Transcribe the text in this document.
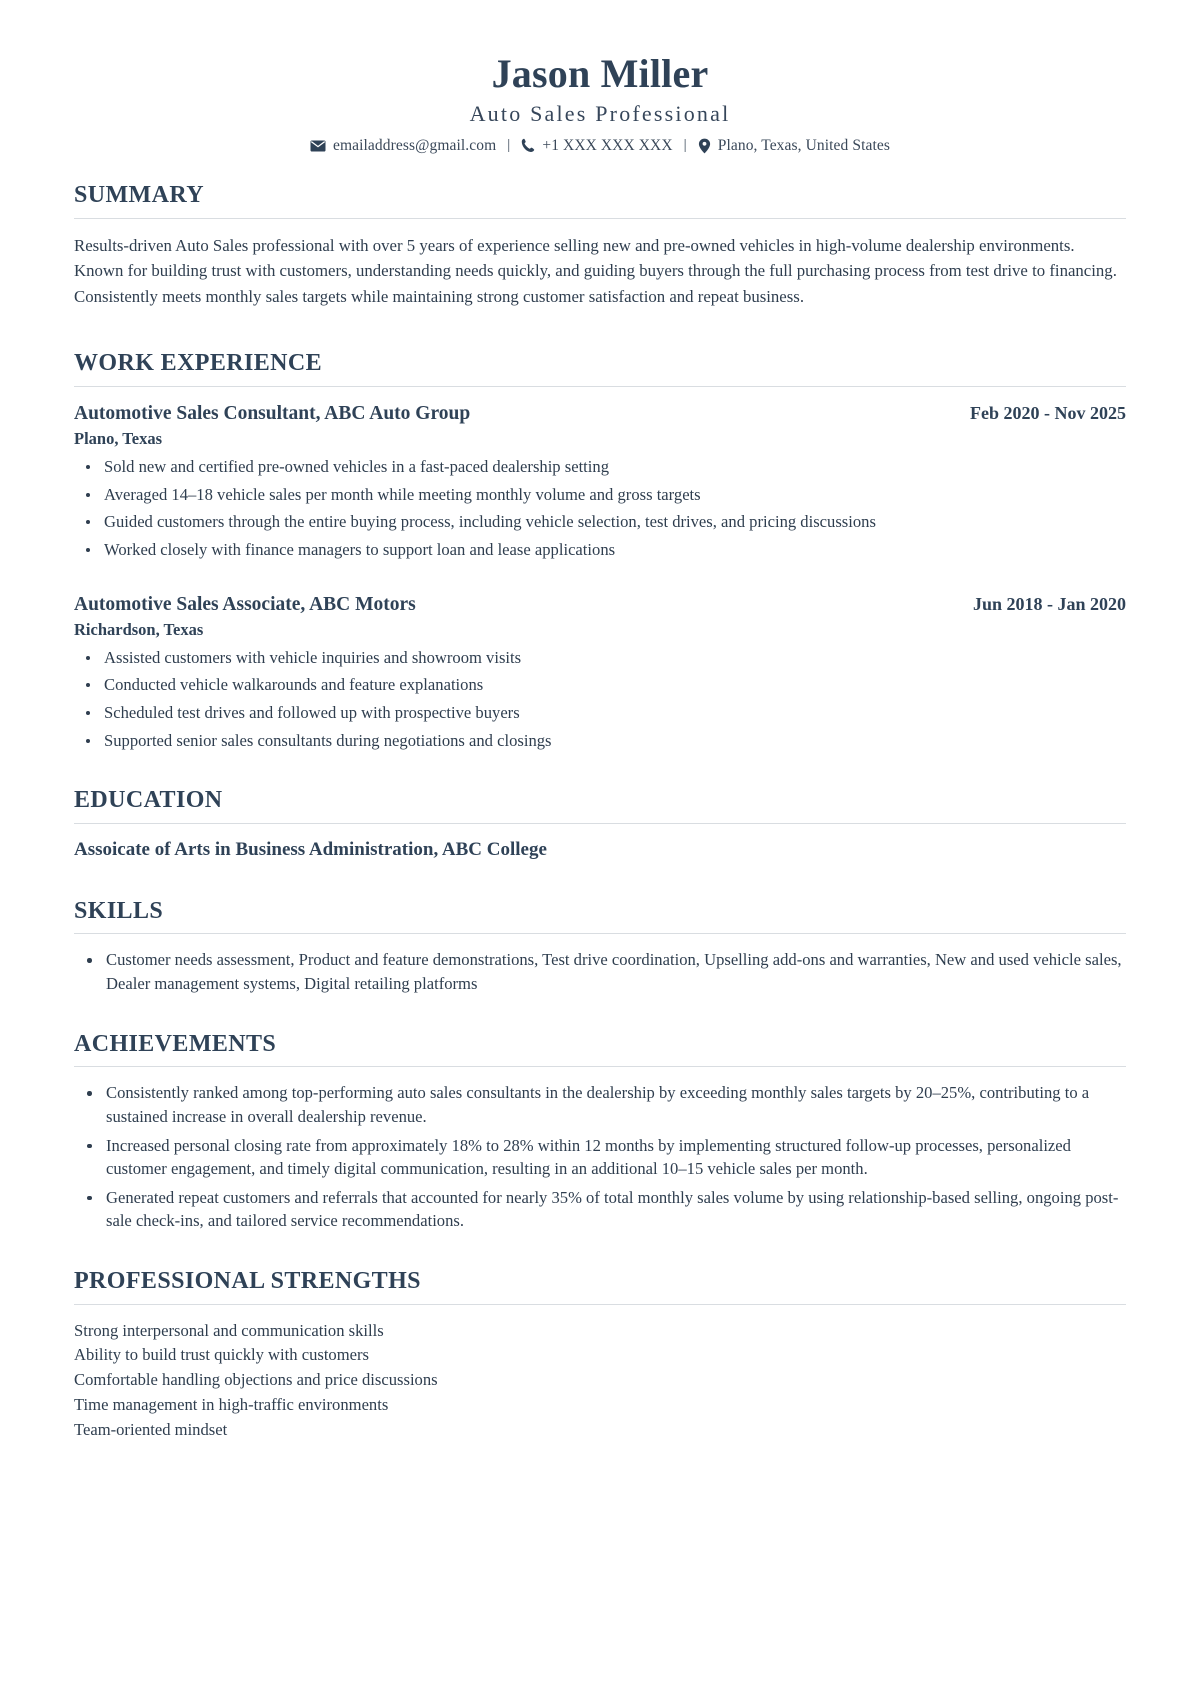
Jason Miller
Auto Sales Professional
emailaddress@gmail.com |	+1 XXX XXX XXX |	Plano, Texas, United States
SUMMARY

Results-driven Auto Sales professional with over 5 years of experience selling new and pre-owned vehicles in high-volume dealership environments. Known for building trust with customers, understanding needs quickly, and guiding buyers through the full purchasing process from test drive to financing. Consistently meets monthly sales targets while maintaining strong customer satisfaction and repeat business.

WORK EXPERIENCE
Automotive Sales Consultant, ABC Auto Group	Feb 2020 - Nov 2025
Plano, Texas
Sold new and certified pre-owned vehicles in a fast-paced dealership setting
Averaged 14–18 vehicle sales per month while meeting monthly volume and gross targets
Guided customers through the entire buying process, including vehicle selection, test drives, and pricing discussions
Worked closely with finance managers to support loan and lease applications
Automotive Sales Associate, ABC Motors	Jun 2018 - Jan 2020
Richardson, Texas
Assisted customers with vehicle inquiries and showroom visits
Conducted vehicle walkarounds and feature explanations
Scheduled test drives and followed up with prospective buyers
Supported senior sales consultants during negotiations and closings
EDUCATION
Assoicate of Arts in Business Administration, ABC College
SKILLS
Customer needs assessment, Product and feature demonstrations, Test drive coordination, Upselling add-ons and warranties, New and used vehicle sales, Dealer management systems, Digital retailing platforms
ACHIEVEMENTS
Consistently ranked among top-performing auto sales consultants in the dealership by exceeding monthly sales targets by 20–25%, contributing to a sustained increase in overall dealership revenue.
Increased personal closing rate from approximately 18% to 28% within 12 months by implementing structured follow-up processes, personalized customer engagement, and timely digital communication, resulting in an additional 10–15 vehicle sales per month.
Generated repeat customers and referrals that accounted for nearly 35% of total monthly sales volume by using relationship-based selling, ongoing post-sale check-ins, and tailored service recommendations.
PROFESSIONAL STRENGTHS
Strong interpersonal and communication skills
Ability to build trust quickly with customers
Comfortable handling objections and price discussions
Time management in high-traffic environments
Team-oriented mindset
